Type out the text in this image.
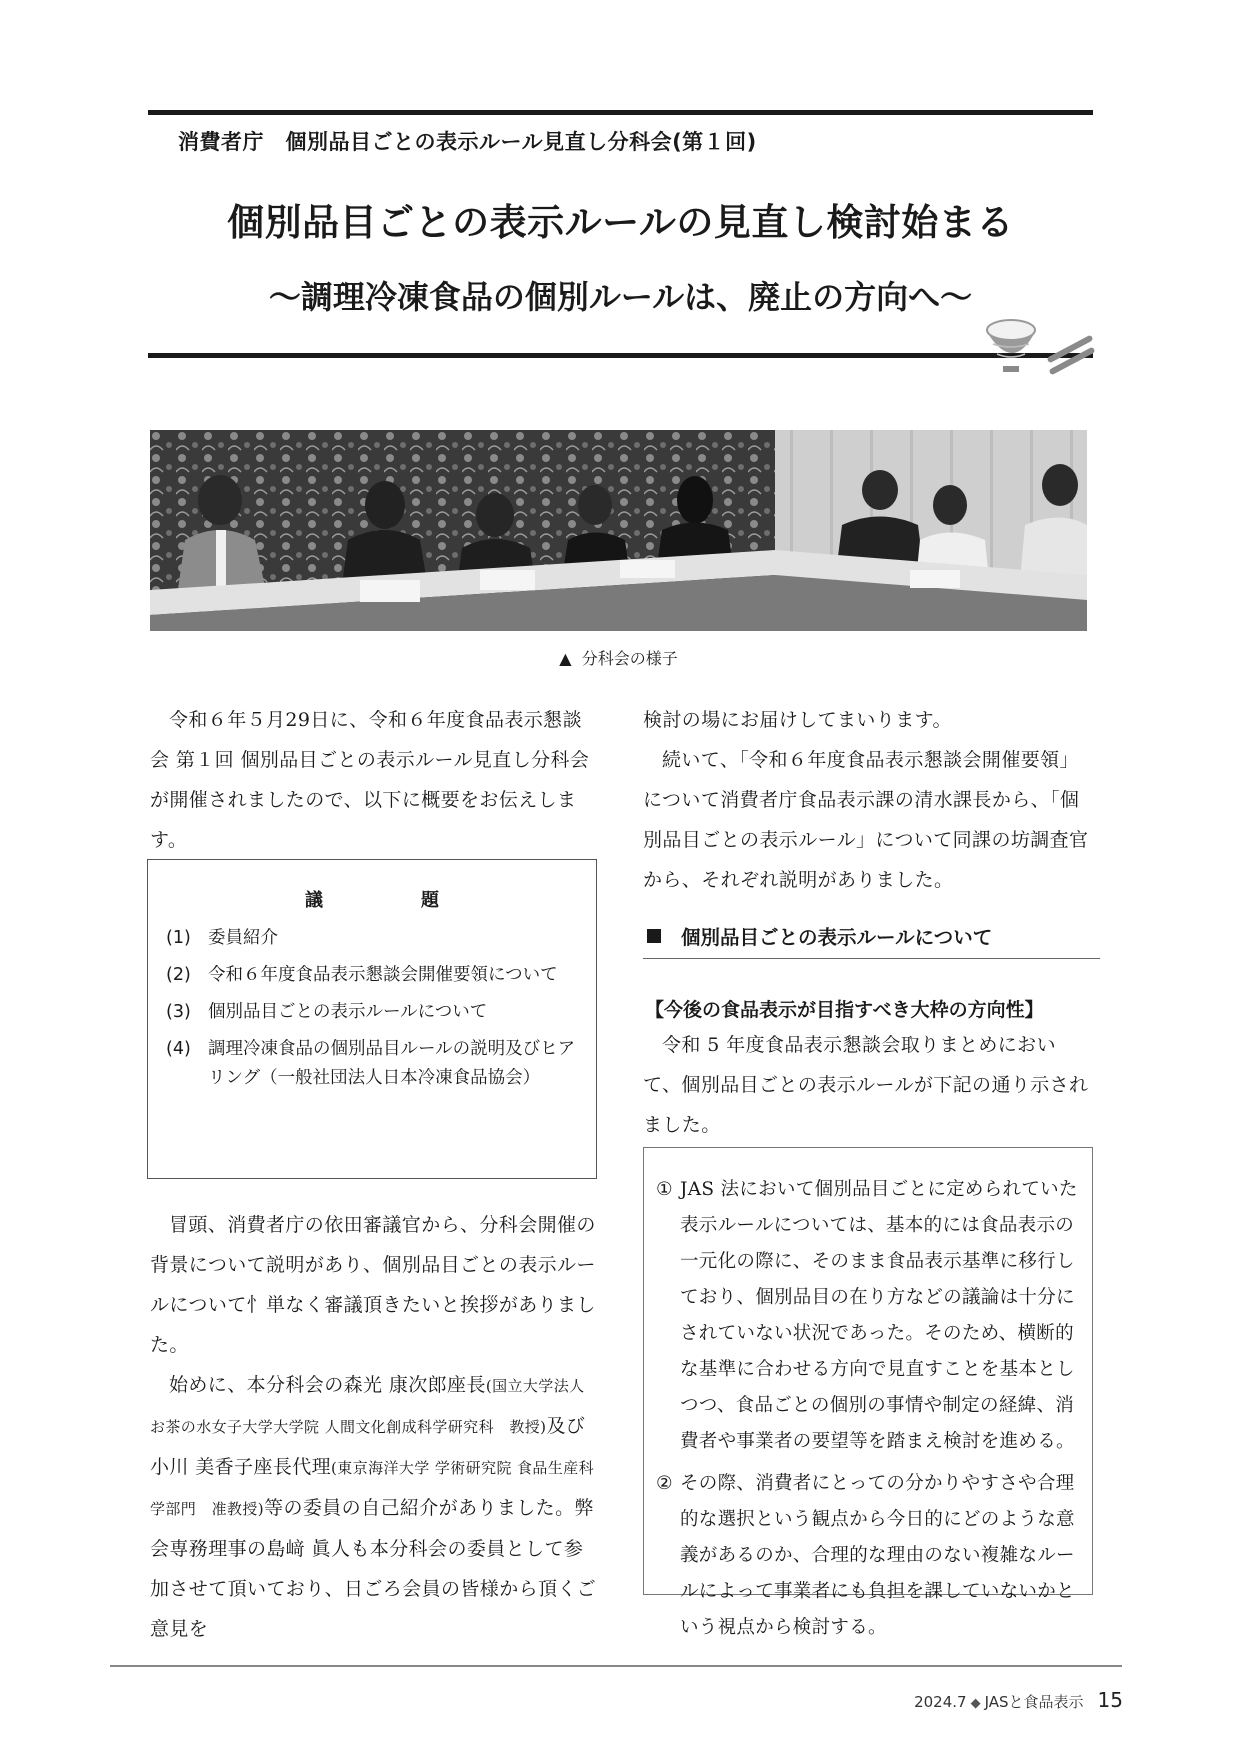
消費者庁　個別品目ごとの表示ルール見直し分科会(第１回)
個別品目ごとの表示ルールの見直し検討始まる
～調理冷凍食品の個別ルールは、廃止の方向へ～
▲ 分科会の様子

令和６年５月29日に、令和６年度食品表示懇談会 第１回 個別品目ごとの表示ルール見直し分科会が開催されましたので、以下に概要をお伝えします。

議　題
(1) 委員紹介
(2) 令和６年度食品表示懇談会開催要領について
(3) 個別品目ごとの表示ルールについて
(4) 調理冷凍食品の個別品目ルールの説明及びヒアリング（一般社団法人日本冷凍食品協会）

冒頭、消費者庁の依田審議官から、分科会開催の背景について説明があり、個別品目ごとの表示ルールについて忄単なく審議頂きたいと挨拶がありました。

始めに、本分科会の森光 康次郎座長(国立大学法人 お茶の水女子大学大学院 人間文化創成科学研究科　教授)及び小川 美香子座長代理(東京海洋大学 学術研究院 食品生産科学部門　准教授)等の委員の自己紹介がありました。弊会専務理事の島﨑 眞人も本分科会の委員として参加させて頂いており、日ごろ会員の皆様から頂くご意見を

検討の場にお届けしてまいります。

続いて、「令和６年度食品表示懇談会開催要領」について消費者庁食品表示課の清水課長から、「個別品目ごとの表示ルール」について同課の坊調査官から、それぞれ説明がありました。

個別品目ごとの表示ルールについて
【今後の食品表示が目指すべき大枠の方向性】

令和 5 年度食品表示懇談会取りまとめにおいて、個別品目ごとの表示ルールが下記の通り示されました。

① JAS 法において個別品目ごとに定められていた表示ルールについては、基本的には食品表示の一元化の際に、そのまま食品表示基準に移行しており、個別品目の在り方などの議論は十分にされていない状況であった。そのため、横断的な基準に合わせる方向で見直すことを基本としつつ、食品ごとの個別の事情や制定の経緯、消費者や事業者の要望等を踏まえ検討を進める。
② その際、消費者にとっての分かりやすさや合理的な選択という観点から今日的にどのような意義があるのか、合理的な理由のない複雑なルールによって事業者にも負担を課していないかという視点から検討する。
2024.7 ◆ JASと食品表示 15
